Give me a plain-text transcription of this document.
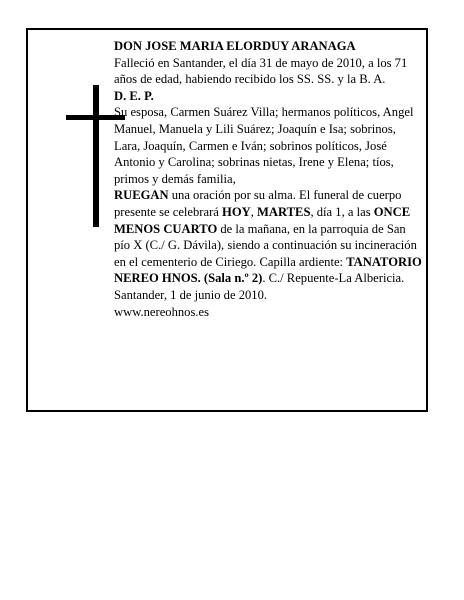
DON JOSE MARIA ELORDUY ARANAGA

Falleció en Santander, el día 31 de mayo de 2010, a los 71 años de edad, habiendo recibido los SS. SS. y la B. A.

D. E. P.

Su esposa, Carmen Suárez Villa; hermanos políticos, Angel Manuel, Manuela y Lili Suárez; Joaquín e Isa; sobrinos, Lara, Joaquín, Carmen e Iván; sobrinos políticos, José Antonio y Carolina; sobrinas nietas, Irene y Elena; tíos, primos y demás familia,
RUEGAN una oración por su alma. El funeral de cuerpo presente se celebrará HOY, MARTES, día 1, a las ONCE MENOS CUARTO de la mañana, en la parroquia de San pío X (C./ G. Dávila), siendo a continuación su incineración en el cementerio de Ciriego. Capilla ardiente: TANATORIO NEREO HNOS. (Sala n.º 2). C./ Repuente-La Albericia.

Santander, 1 de junio de 2010.

www.nereohnos.es
